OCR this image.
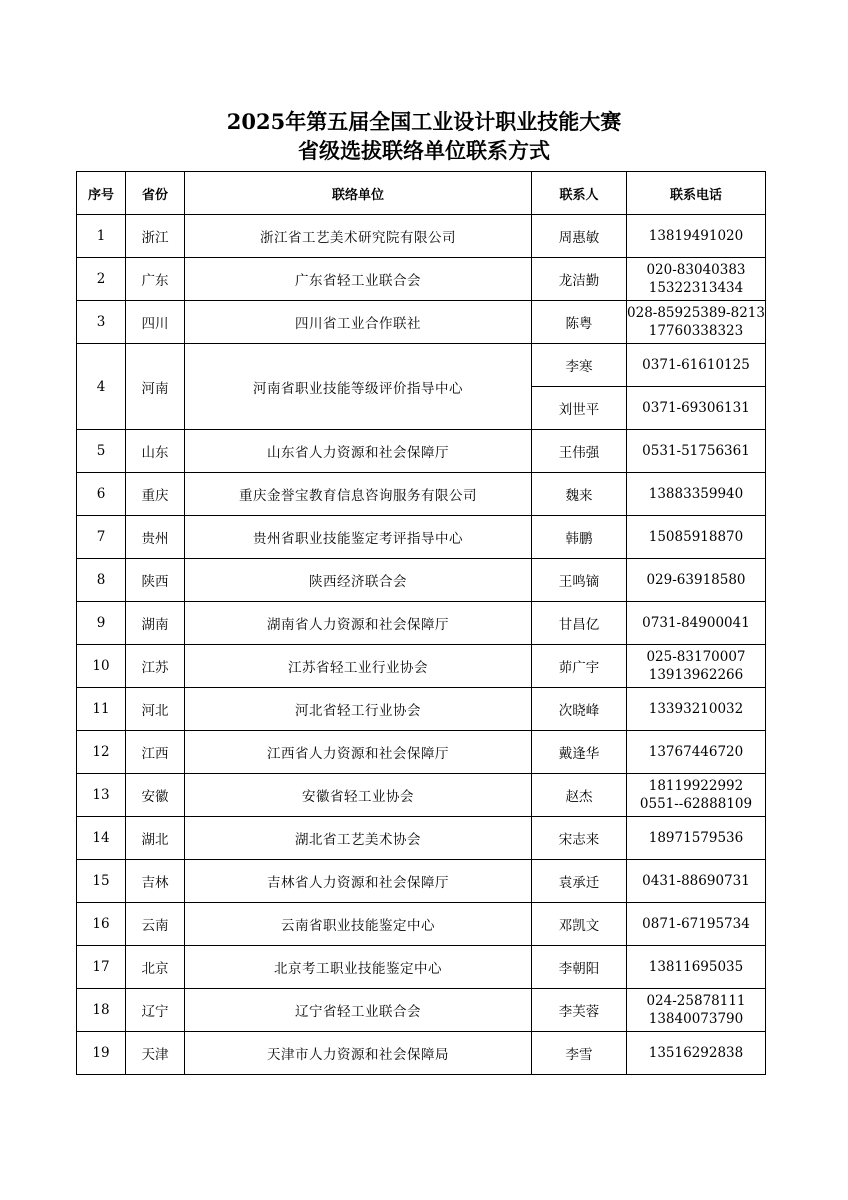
2025年第五届全国工业设计职业技能大赛
省级选拔联络单位联系方式
序号	省份	联络单位	联系人	联系电话
1	浙江	浙江省工艺美术研究院有限公司	周惠敏	13819491020

2	广东	广东省轻工业联合会	龙洁勤	020-83040383
15322313434

3	四川	四川省工业合作联社	陈粤	028-85925389-8213
17760338323

4	河南	河南省职业技能等级评价指导中心	李寒	0371-61610125

			刘世平	0371-69306131

5	山东	山东省人力资源和社会保障厅	王伟强	0531-51756361

6	重庆	重庆金誉宝教育信息咨询服务有限公司	魏来	13883359940

7	贵州	贵州省职业技能鉴定考评指导中心	韩鹏	15085918870

8	陕西	陕西经济联合会	王鸣镝	029-63918580

9	湖南	湖南省人力资源和社会保障厅	甘昌亿	0731-84900041

10	江苏	江苏省轻工业行业协会	茆广宇	025-83170007
13913962266

11	河北	河北省轻工行业协会	次晓峰	13393210032

12	江西	江西省人力资源和社会保障厅	戴逢华	13767446720

13	安徽	安徽省轻工业协会	赵杰	18119922992
0551--62888109

14	湖北	湖北省工艺美术协会	宋志来	18971579536

15	吉林	吉林省人力资源和社会保障厅	袁承迁	0431-88690731

16	云南	云南省职业技能鉴定中心	邓凯文	0871-67195734

17	北京	北京考工职业技能鉴定中心	李朝阳	13811695035

18	辽宁	辽宁省轻工业联合会	李芙蓉	024-25878111
13840073790

19	天津	天津市人力资源和社会保障局	李雪	13516292838
